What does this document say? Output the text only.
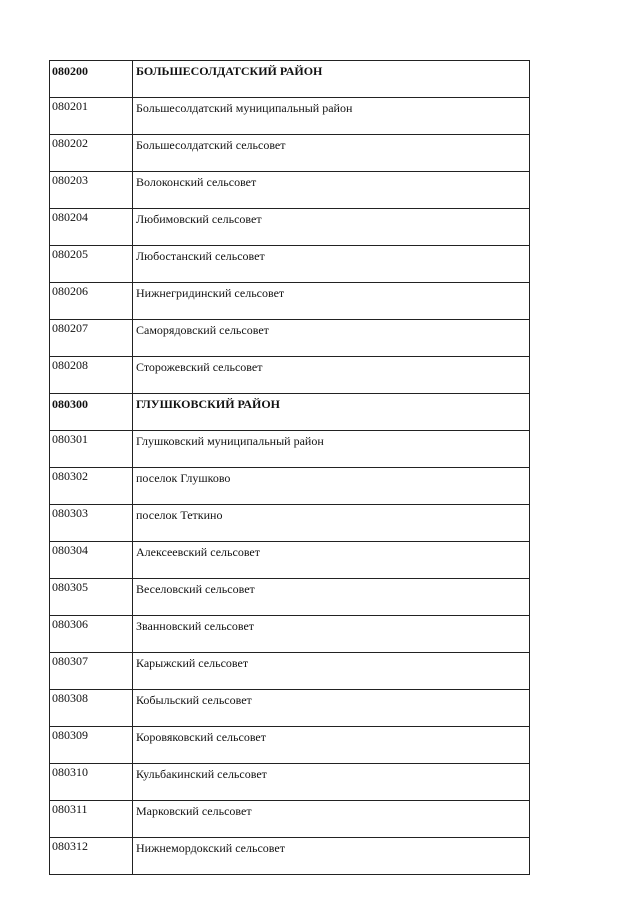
080200	БОЛЬШЕСОЛДАТСКИЙ РАЙОН
080201	Большесолдатский муниципальный район
080202	Большесолдатский сельсовет
080203	Волоконский сельсовет
080204	Любимовский сельсовет
080205	Любостанский сельсовет
080206	Нижнегридинский сельсовет
080207	Саморядовский сельсовет
080208	Сторожевский сельсовет
080300	ГЛУШКОВСКИЙ РАЙОН
080301	Глушковский муниципальный район
080302	поселок Глушково
080303	поселок Теткино
080304	Алексеевский сельсовет
080305	Веселовский сельсовет
080306	Званновский сельсовет
080307	Карыжский сельсовет
080308	Кобыльский сельсовет
080309	Коровяковский сельсовет
080310	Кульбакинский сельсовет
080311	Марковский сельсовет
080312	Нижнемордокский сельсовет
